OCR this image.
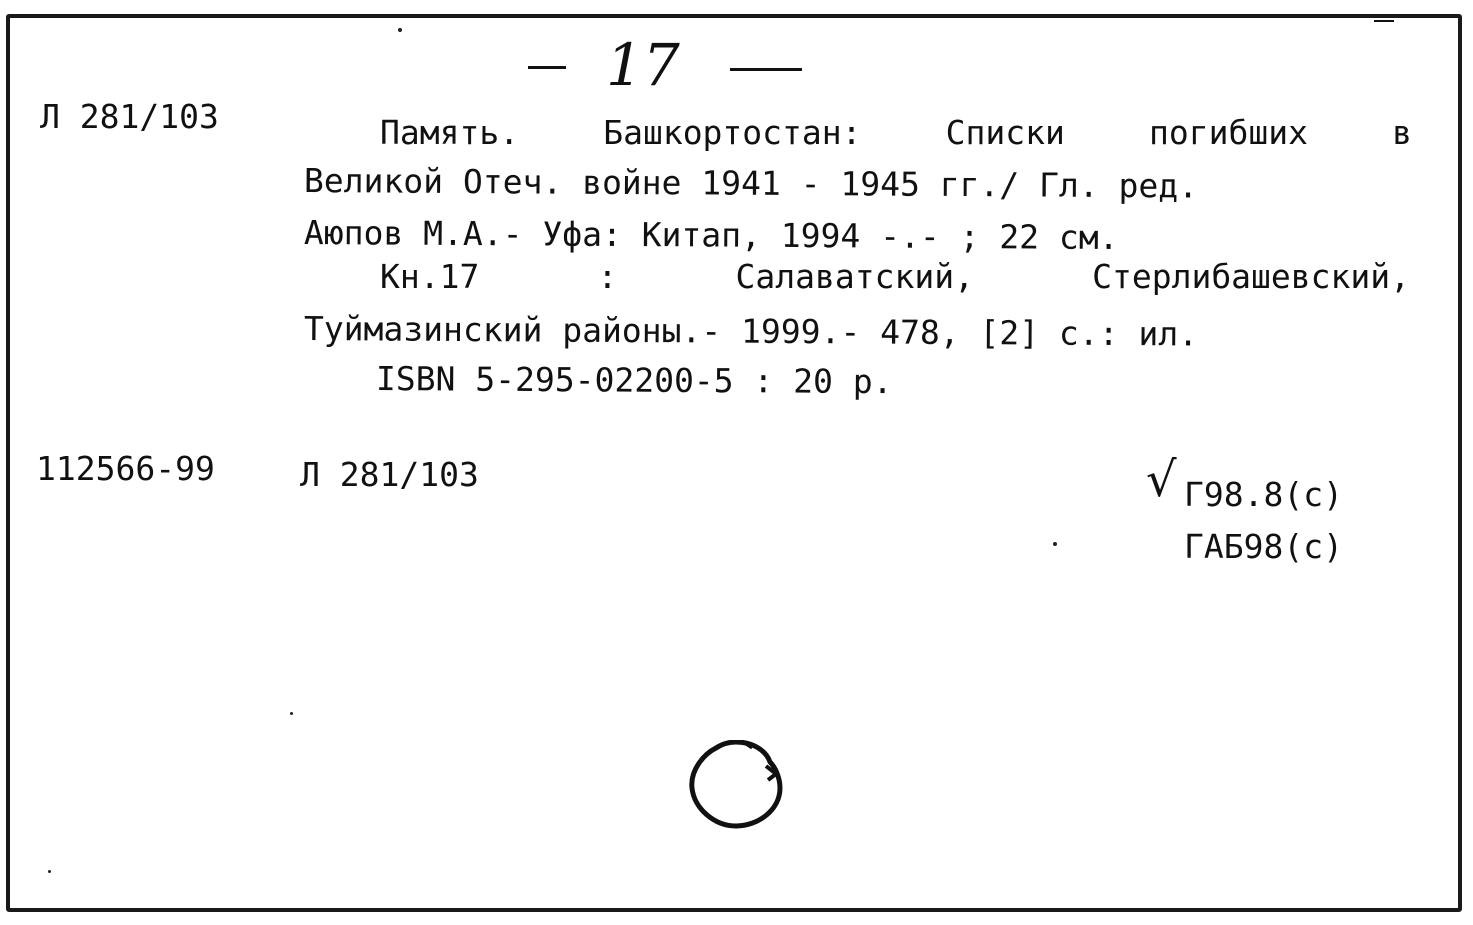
17
Л 281/103	Память.	Башкортостан:	Списки	погибших	в
Великой Отеч. войне 1941 - 1945 гг./ Гл. ред.
Аюпов М.А.- Уфа: Китап, 1994 -.- ; 22 см.
Кн.17	:	Салаватский,	Стерлибашевский,
Туймазинский районы.- 1999.- 478, [2] с.: ил.
ISBN 5-295-02200-5 : 20 р.
112566-99	Л 281/103	√ Г98.8(с)
ГАБ98(с)
